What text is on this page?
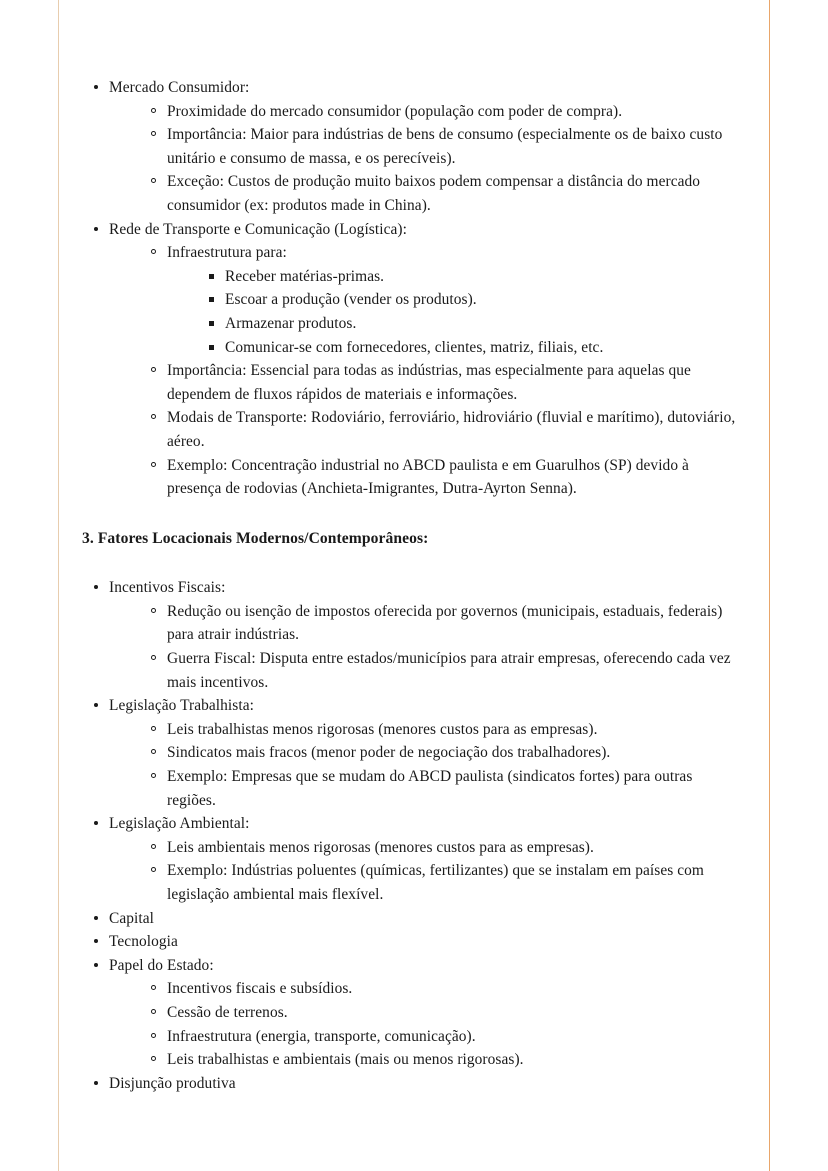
Mercado Consumidor:
Proximidade do mercado consumidor (população com poder de compra).
Importância: Maior para indústrias de bens de consumo (especialmente os de baixo custo unitário e consumo de massa, e os perecíveis).
Exceção: Custos de produção muito baixos podem compensar a distância do mercado consumidor (ex: produtos made in China).
Rede de Transporte e Comunicação (Logística):
Infraestrutura para:
Receber matérias-primas.
Escoar a produção (vender os produtos).
Armazenar produtos.
Comunicar-se com fornecedores, clientes, matriz, filiais, etc.
Importância: Essencial para todas as indústrias, mas especialmente para aquelas que dependem de fluxos rápidos de materiais e informações.
Modais de Transporte: Rodoviário, ferroviário, hidroviário (fluvial e marítimo), dutoviário, aéreo.
Exemplo: Concentração industrial no ABCD paulista e em Guarulhos (SP) devido à presença de rodovias (Anchieta-Imigrantes, Dutra-Ayrton Senna).
3. Fatores Locacionais Modernos/Contemporâneos:
Incentivos Fiscais:
Redução ou isenção de impostos oferecida por governos (municipais, estaduais, federais) para atrair indústrias.
Guerra Fiscal: Disputa entre estados/municípios para atrair empresas, oferecendo cada vez mais incentivos.
Legislação Trabalhista:
Leis trabalhistas menos rigorosas (menores custos para as empresas).
Sindicatos mais fracos (menor poder de negociação dos trabalhadores).
Exemplo: Empresas que se mudam do ABCD paulista (sindicatos fortes) para outras regiões.
Legislação Ambiental:
Leis ambientais menos rigorosas (menores custos para as empresas).
Exemplo: Indústrias poluentes (químicas, fertilizantes) que se instalam em países com legislação ambiental mais flexível.
Capital
Tecnologia
Papel do Estado:
Incentivos fiscais e subsídios.
Cessão de terrenos.
Infraestrutura (energia, transporte, comunicação).
Leis trabalhistas e ambientais (mais ou menos rigorosas).
Disjunção produtiva
